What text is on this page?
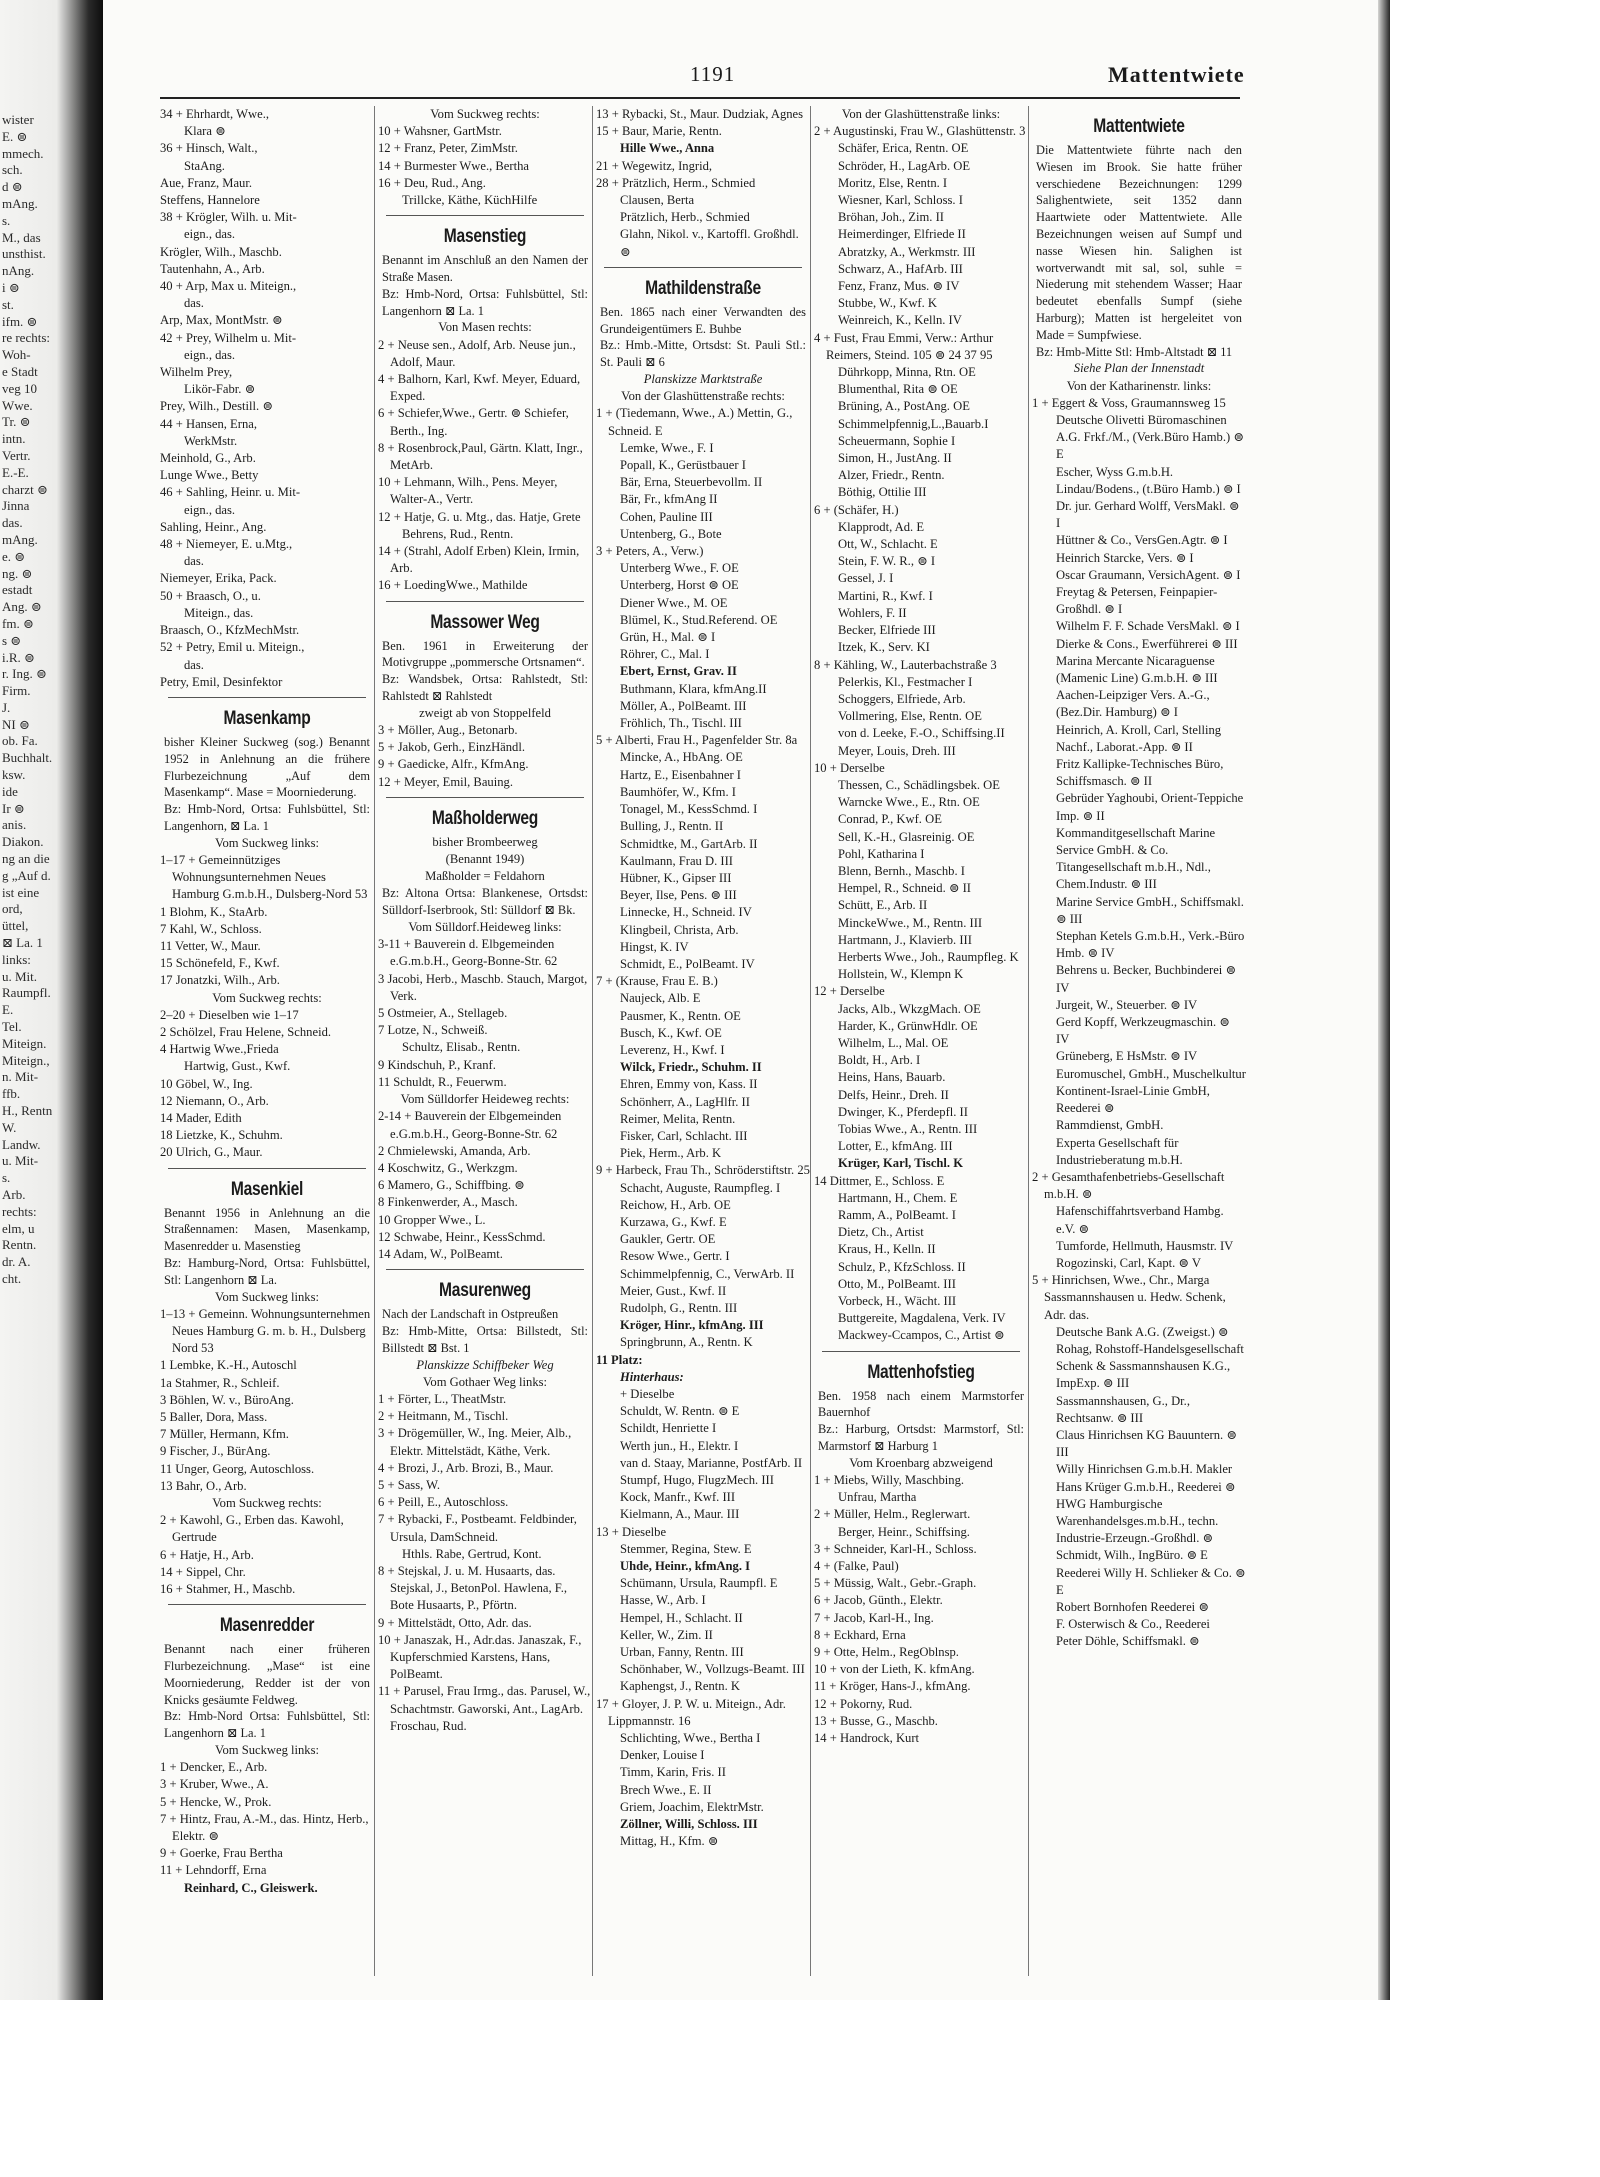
wister
E. ⊜
mmech.
sch.
d ⊜
mAng.
s.
M., das
unsthist.
nAng.
i ⊜
st.
ifm. ⊜
re rechts:
Woh-
e Stadt
veg 10
Wwe.
Tr. ⊜
intn.
Vertr.
E.-E.
charzt ⊜
Jinna
das.
mAng.
e. ⊜
ng. ⊜
estadt
Ang. ⊜
fm. ⊜
s ⊜
i.R. ⊜
r. Ing. ⊜
Firm.
J.
NI ⊜
ob. Fa.
Buchhalt.
ksw.
ide
Ir ⊜
anis.
Diakon.
ng an die
g „Auf d.
ist eine
ord,
üttel,
⊠ La. 1
links:
u. Mit.
Raumpfl.
E.
Tel.
Miteign.
Miteign.,
n. Mit-
ffb.
H., Rentn
W.
Landw.
u. Mit-
s.
Arb.
rechts:
elm, u
Rentn.
dr. A.
cht.
1191	Mattentwiete
34 + Ehrhardt, Wwe.,
Klara ⊜
36 + Hinsch, Walt.,
StaAng.
Aue, Franz, Maur.
Steffens, Hannelore
38 + Krögler, Wilh. u. Mit-
eign., das.
Krögler, Wilh., Maschb.
Tautenhahn, A., Arb.
40 + Arp, Max u. Miteign.,
das.
Arp, Max, MontMstr. ⊜
42 + Prey, Wilhelm u. Mit-
eign., das.
Wilhelm Prey,
Likör-Fabr. ⊜
Prey, Wilh., Destill. ⊜
44 + Hansen, Erna,
WerkMstr.
Meinhold, G., Arb.
Lunge Wwe., Betty
46 + Sahling, Heinr. u. Mit-
eign., das.
Sahling, Heinr., Ang.
48 + Niemeyer, E. u.Mtg.,
das.
Niemeyer, Erika, Pack.
50 + Braasch, O., u.
Miteign., das.
Braasch, O., KfzMechMstr.
52 + Petry, Emil u. Miteign.,
das.
Petry, Emil, Desinfektor
Masenkamp
bisher Kleiner Suckweg (sog.) Benannt 1952 in Anlehnung an die frühere Flurbezeichnung „Auf dem Masenkamp“. Mase = Moorniederung.
Bz: Hmb-Nord, Ortsa: Fuhlsbüttel, Stl: Langenhorn, ⊠ La. 1
Vom Suckweg links:
1–17 + Gemeinnütziges Wohnungsunternehmen Neues Hamburg G.m.b.H., Dulsberg-Nord 53
1 Blohm, K., StaArb.
7 Kahl, W., Schloss.
11 Vetter, W., Maur.
15 Schönefeld, F., Kwf.
17 Jonatzki, Wilh., Arb.
Vom Suckweg rechts:
2–20 + Dieselben wie 1–17
2 Schölzel, Frau Helene, Schneid.
4 Hartwig Wwe.,Frieda
Hartwig, Gust., Kwf.
10 Göbel, W., Ing.
12 Niemann, O., Arb.
14 Mader, Edith
18 Lietzke, K., Schuhm.
20 Ulrich, G., Maur.
Masenkiel
Benannt 1956 in Anlehnung an die Straßennamen: Masen, Masenkamp, Masenredder u. Masenstieg
Bz: Hamburg-Nord, Ortsa: Fuhlsbüttel, Stl: Langenhorn ⊠ La.
Vom Suckweg links:
1–13 + Gemeinn. Wohnungsunternehmen Neues Hamburg G. m. b. H., Dulsberg Nord 53
1 Lembke, K.-H., Autoschl
1a Stahmer, R., Schleif.
3 Böhlen, W. v., BüroAng.
5 Baller, Dora, Mass.
7 Müller, Hermann, Kfm.
9 Fischer, J., BürAng.
11 Unger, Georg, Autoschloss.
13 Bahr, O., Arb.
Vom Suckweg rechts:
2 + Kawohl, G., Erben das. Kawohl, Gertrude
6 + Hatje, H., Arb.
14 + Sippel, Chr.
16 + Stahmer, H., Maschb.
Masenredder
Benannt nach einer früheren Flurbezeichnung. „Mase“ ist eine Moorniederung, Redder ist der von Knicks gesäumte Feldweg.
Bz: Hmb-Nord Ortsa: Fuhlsbüttel, Stl: Langenhorn ⊠ La. 1
Vom Suckweg links:
1 + Dencker, E., Arb.
3 + Kruber, Wwe., A.
5 + Hencke, W., Prok.
7 + Hintz, Frau, A.-M., das. Hintz, Herb., Elektr. ⊜
9 + Goerke, Frau Bertha
11 + Lehndorff, Erna
Reinhard, C., Gleiswerk.
Vom Suckweg rechts:
10 + Wahsner, GartMstr.
12 + Franz, Peter, ZimMstr.
14 + Burmester Wwe., Bertha
16 + Deu, Rud., Ang.
Trillcke, Käthe, KüchHilfe
Masenstieg
Benannt im Anschluß an den Namen der Straße Masen.
Bz: Hmb-Nord, Ortsa: Fuhlsbüttel, Stl: Langenhorn ⊠ La. 1
Von Masen rechts:
2 + Neuse sen., Adolf, Arb. Neuse jun., Adolf, Maur.
4 + Balhorn, Karl, Kwf. Meyer, Eduard, Exped.
6 + Schiefer,Wwe., Gertr. ⊜ Schiefer, Berth., Ing.
8 + Rosenbrock,Paul, Gärtn. Klatt, Ingr., MetArb.
10 + Lehmann, Wilh., Pens. Meyer, Walter-A., Vertr.
12 + Hatje, G. u. Mtg., das. Hatje, Grete
Behrens, Rud., Rentn.
14 + (Strahl, Adolf Erben) Klein, Irmin, Arb.
16 + LoedingWwe., Mathilde
Massower Weg
Ben. 1961 in Erweiterung der Motivgruppe „pommersche Ortsnamen“.
Bz: Wandsbek, Ortsa: Rahlstedt, Stl: Rahlstedt ⊠ Rahlstedt
zweigt ab von Stoppelfeld
3 + Möller, Aug., Betonarb.
5 + Jakob, Gerh., EinzHändl.
9 + Gaedicke, Alfr., KfmAng.
12 + Meyer, Emil, Bauing.
Maßholderweg
bisher Brombeerweg
(Benannt 1949)
Maßholder = Feldahorn
Bz: Altona Ortsa: Blankenese, Ortsdst: Sülldorf-Iserbrook, Stl: Sülldorf ⊠ Bk.
Vom Sülldorf.Heideweg links:
3-11 + Bauverein d. Elbgemeinden e.G.m.b.H., Georg-Bonne-Str. 62
3 Jacobi, Herb., Maschb. Stauch, Margot, Verk.
5 Ostmeier, A., Stellageb.
7 Lotze, N., Schweiß.
Schultz, Elisab., Rentn.
9 Kindschuh, P., Kranf.
11 Schuldt, R., Feuerwm.
Vom Sülldorfer Heideweg rechts:
2-14 + Bauverein der Elbgemeinden e.G.m.b.H., Georg-Bonne-Str. 62
2 Chmielewski, Amanda, Arb.
4 Koschwitz, G., Werkzgm.
6 Mamero, G., Schiffbing. ⊜
8 Finkenwerder, A., Masch.
10 Gropper Wwe., L.
12 Schwabe, Heinr., KessSchmd.
14 Adam, W., PolBeamt.
Masurenweg
Nach der Landschaft in Ostpreußen
Bz: Hmb-Mitte, Ortsa: Billstedt, Stl: Billstedt ⊠ Bst. 1
Planskizze Schiffbeker Weg
Vom Gothaer Weg links:
1 + Förter, L., TheatMstr.
2 + Heitmann, M., Tischl.
3 + Drögemüller, W., Ing. Meier, Alb., Elektr. Mittelstädt, Käthe, Verk.
4 + Brozi, J., Arb. Brozi, B., Maur.
5 + Sass, W.
6 + Peill, E., Autoschloss.
7 + Rybacki, F., Postbeamt. Feldbinder, Ursula, DamSchneid.
Hthls. Rabe, Gertrud, Kont.
8 + Stejskal, J. u. M. Husaarts, das. Stejskal, J., BetonPol. Hawlena, F., Bote Husaarts, P., Pförtn.
9 + Mittelstädt, Otto, Adr. das.
10 + Janaszak, H., Adr.das. Janaszak, F., Kupferschmied Karstens, Hans, PolBeamt.
11 + Parusel, Frau Irmg., das. Parusel, W., Schachtmstr. Gaworski, Ant., LagArb. Froschau, Rud.
13 + Rybacki, St., Maur. Dudziak, Agnes
15 + Baur, Marie, Rentn.
Hille Wwe., Anna
21 + Wegewitz, Ingrid,
28 + Prätzlich, Herm., Schmied
Clausen, Berta
Prätzlich, Herb., Schmied
Glahn, Nikol. v., Kartoffl. Großhdl. ⊜
Mathildenstraße
Ben. 1865 nach einer Verwandten des Grundeigentümers E. Buhbe
Bz.: Hmb.-Mitte, Ortsdst: St. Pauli Stl.: St. Pauli ⊠ 6
Planskizze Marktstraße
Von der Glashüttenstraße rechts:
1 + (Tiedemann, Wwe., A.) Mettin, G., Schneid. E
Lemke, Wwe., F. I
Popall, K., Gerüstbauer I
Bär, Erna, Steuerbevollm. II
Bär, Fr., kfmAng II
Cohen, Pauline III
Untenberg, G., Bote
3 + Peters, A., Verw.)
Unterberg Wwe., F. OE
Unterberg, Horst ⊜ OE
Diener Wwe., M. OE
Blümel, K., Stud.Referend. OE
Grün, H., Mal. ⊜ I
Röhrer, C., Mal. I
Ebert, Ernst, Grav. II
Buthmann, Klara, kfmAng.II
Möller, A., PolBeamt. III
Fröhlich, Th., Tischl. III
5 + Alberti, Frau H., Pagenfelder Str. 8a
Mincke, A., HbAng. OE
Hartz, E., Eisenbahner I
Baumhöfer, W., Kfm. I
Tonagel, M., KessSchmd. I
Bulling, J., Rentn. II
Schmidtke, M., GartArb. II
Kaulmann, Frau D. III
Hübner, K., Gipser III
Beyer, Ilse, Pens. ⊜ III
Linnecke, H., Schneid. IV
Klingbeil, Christa, Arb.
Hingst, K. IV
Schmidt, E., PolBeamt. IV
7 + (Krause, Frau E. B.)
Naujeck, Alb. E
Pausmer, K., Rentn. OE
Busch, K., Kwf. OE
Leverenz, H., Kwf. I
Wilck, Friedr., Schuhm. II
Ehren, Emmy von, Kass. II
Schönherr, A., LagHlfr. II
Reimer, Melita, Rentn.
Fisker, Carl, Schlacht. III
Piek, Herm., Arb. K
9 + Harbeck, Frau Th., Schröderstiftstr. 25
Schacht, Auguste, Raumpfleg. I
Reichow, H., Arb. OE
Kurzawa, G., Kwf. E
Gaukler, Gertr. OE
Resow Wwe., Gertr. I
Schimmelpfennig, C., VerwArb. II
Meier, Gust., Kwf. II
Rudolph, G., Rentn. III
Kröger, Hinr., kfmAng. III
Springbrunn, A., Rentn. K
11 Platz:
Hinterhaus:
+ Dieselbe
Schuldt, W. Rentn. ⊜ E
Schildt, Henriette I
Werth jun., H., Elektr. I
van d. Staay, Marianne, PostfArb. II
Stumpf, Hugo, FlugzMech. III
Kock, Manfr., Kwf. III
Kielmann, A., Maur. III
13 + Dieselbe
Stemmer, Regina, Stew. E
Uhde, Heinr., kfmAng. I
Schümann, Ursula, Raumpfl. E
Hasse, W., Arb. I
Hempel, H., Schlacht. II
Keller, W., Zim. II
Urban, Fanny, Rentn. III
Schönhaber, W., Vollzugs-Beamt. III
Kaphengst, J., Rentn. K
17 + Gloyer, J. P. W. u. Miteign., Adr. Lippmannstr. 16
Schlichting, Wwe., Bertha I
Denker, Louise I
Timm, Karin, Fris. II
Brech Wwe., E. II
Griem, Joachim, ElektrMstr.
Zöllner, Willi, Schloss. III
Mittag, H., Kfm. ⊜
Von der Glashüttenstraße links:
2 + Augustinski, Frau W., Glashüttenstr. 3
Schäfer, Erica, Rentn. OE
Schröder, H., LagArb. OE
Moritz, Else, Rentn. I
Wiesner, Karl, Schloss. I
Bröhan, Joh., Zim. II
Heimerdinger, Elfriede II
Abratzky, A., Werkmstr. III
Schwarz, A., HafArb. III
Fenz, Franz, Mus. ⊜ IV
Stubbe, W., Kwf. K
Weinreich, K., Kelln. IV
4 + Fust, Frau Emmi, Verw.: Arthur Reimers, Steind. 105 ⊜ 24 37 95
Dührkopp, Minna, Rtn. OE
Blumenthal, Rita ⊜ OE
Brüning, A., PostAng. OE
Schimmelpfennig,L.,Bauarb.I
Scheuermann, Sophie I
Simon, H., JustAng. II
Alzer, Friedr., Rentn.
Böthig, Ottilie III
6 + (Schäfer, H.)
Klapprodt, Ad. E
Ott, W., Schlacht. E
Stein, F. W. R., ⊜ I
Gessel, J. I
Martini, R., Kwf. I
Wohlers, F. II
Becker, Elfriede III
Itzek, K., Serv. KI
8 + Kähling, W., Lauterbachstraße 3
Pelerkis, Kl., Festmacher I
Schoggers, Elfriede, Arb.
Vollmering, Else, Rentn. OE
von d. Leeke, F.-O., Schiffsing.II
Meyer, Louis, Dreh. III
10 + Derselbe
Thessen, C., Schädlingsbek. OE
Warncke Wwe., E., Rtn. OE
Conrad, P., Kwf. OE
Sell, K.-H., Glasreinig. OE
Pohl, Katharina I
Blenn, Bernh., Maschb. I
Hempel, R., Schneid. ⊜ II
Schütt, E., Arb. II
MinckeWwe., M., Rentn. III
Hartmann, J., Klavierb. III
Herberts Wwe., Joh., Raumpfleg. K
Hollstein, W., Klempn K
12 + Derselbe
Jacks, Alb., WkzgMach. OE
Harder, K., GrünwHdlr. OE
Wilhelm, L., Mal. OE
Boldt, H., Arb. I
Heins, Hans, Bauarb.
Delfs, Heinr., Dreh. II
Dwinger, K., Pferdepfl. II
Tobias Wwe., A., Rentn. III
Lotter, E., kfmAng. III
Krüger, Karl, Tischl. K
14 Dittmer, E., Schloss. E
Hartmann, H., Chem. E
Ramm, A., PolBeamt. I
Dietz, Ch., Artist
Kraus, H., Kelln. II
Schulz, P., KfzSchloss. II
Otto, M., PolBeamt. III
Vorbeck, H., Wächt. III
Buttgereite, Magdalena, Verk. IV
Mackwey-Ccampos, C., Artist ⊜
Mattenhofstieg
Ben. 1958 nach einem Marmstorfer Bauernhof
Bz.: Harburg, Ortsdst: Marmstorf, Stl: Marmstorf ⊠ Harburg 1
Vom Kroenbarg abzweigend
1 + Miebs, Willy, Maschbing.
Unfrau, Martha
2 + Müller, Helm., Reglerwart.
Berger, Heinr., Schiffsing.
3 + Schneider, Karl-H., Schloss.
4 + (Falke, Paul)
5 + Müssig, Walt., Gebr.-Graph.
6 + Jacob, Günth., Elektr.
7 + Jacob, Karl-H., Ing.
8 + Eckhard, Erna
9 + Otte, Helm., RegOblnsp.
10 + von der Lieth, K. kfmAng.
11 + Kröger, Hans-J., kfmAng.
12 + Pokorny, Rud.
13 + Busse, G., Maschb.
14 + Handrock, Kurt
Mattentwiete
Die Mattentwiete führte nach den Wiesen im Brook. Sie hatte früher verschiedene Bezeichnungen: 1299 Salighentwiete, seit 1352 dann Haartwiete oder Mattentwiete. Alle Bezeichnungen weisen auf Sumpf und nasse Wiesen hin. Salighen ist wortverwandt mit sal, sol, suhle = Niederung mit stehendem Wasser; Haar bedeutet ebenfalls Sumpf (siehe Harburg); Matten ist hergeleitet von Made = Sumpfwiese.
Bz: Hmb-Mitte Stl: Hmb-Altstadt ⊠ 11
Siehe Plan der Innenstadt
Von der Katharinenstr. links:
1 + Eggert & Voss, Graumannsweg 15
Deutsche Olivetti Büromaschinen A.G. Frkf./M., (Verk.Büro Hamb.) ⊜ E
Escher, Wyss G.m.b.H. Lindau/Bodens., (t.Büro Hamb.) ⊜ I
Dr. jur. Gerhard Wolff, VersMakl. ⊜ I
Hüttner & Co., VersGen.Agtr. ⊜ I
Heinrich Starcke, Vers. ⊜ I
Oscar Graumann, VersichAgent. ⊜ I
Freytag & Petersen, Feinpapier-Großhdl. ⊜ I
Wilhelm F. F. Schade VersMakl. ⊜ I
Dierke & Cons., Ewerführerei ⊜ III
Marina Mercante Nicaraguense (Mamenic Line) G.m.b.H. ⊜ III
Aachen-Leipziger Vers. A.-G., (Bez.Dir. Hamburg) ⊜ I
Heinrich, A. Kroll, Carl, Stelling Nachf., Laborat.-App. ⊜ II
Fritz Kallipke-Technisches Büro, Schiffsmasch. ⊜ II
Gebrüder Yaghoubi, Orient-Teppiche Imp. ⊜ II
Kommanditgesellschaft Marine Service GmbH. & Co.
Titangesellschaft m.b.H., Ndl., Chem.Industr. ⊜ III
Marine Service GmbH., Schiffsmakl. ⊜ III
Stephan Ketels G.m.b.H., Verk.-Büro Hmb. ⊜ IV
Behrens u. Becker, Buchbinderei ⊜ IV
Jurgeit, W., Steuerber. ⊜ IV
Gerd Kopff, Werkzeugmaschin. ⊜ IV
Grüneberg, E HsMstr. ⊜ IV
Euromuschel, GmbH., Muschelkultur
Kontinent-Israel-Linie GmbH, Reederei ⊜
Rammdienst, GmbH.
Experta Gesellschaft für Industrieberatung m.b.H.
2 + Gesamthafenbetriebs-Gesellschaft m.b.H. ⊜
Hafenschiffahrtsverband Hambg. e.V. ⊜
Tumforde, Hellmuth, Hausmstr. IV
Rogozinski, Carl, Kapt. ⊜ V
5 + Hinrichsen, Wwe., Chr., Marga Sassmannshausen u. Hedw. Schenk, Adr. das.
Deutsche Bank A.G. (Zweigst.) ⊜
Rohag, Rohstoff-Handelsgesellschaft Schenk & Sassmannshausen K.G., ImpExp. ⊜ III
Sassmannshausen, G., Dr., Rechtsanw. ⊜ III
Claus Hinrichsen KG Bauuntern. ⊜ III
Willy Hinrichsen G.m.b.H. Makler
Hans Krüger G.m.b.H., Reederei ⊜
HWG Hamburgische Warenhandelsges.m.b.H., techn. Industrie-Erzeugn.-Großhdl. ⊜
Schmidt, Wilh., IngBüro. ⊜ E
Reederei Willy H. Schlieker & Co. ⊜ E
Robert Bornhofen Reederei ⊜
F. Osterwisch & Co., Reederei
Peter Döhle, Schiffsmakl. ⊜
